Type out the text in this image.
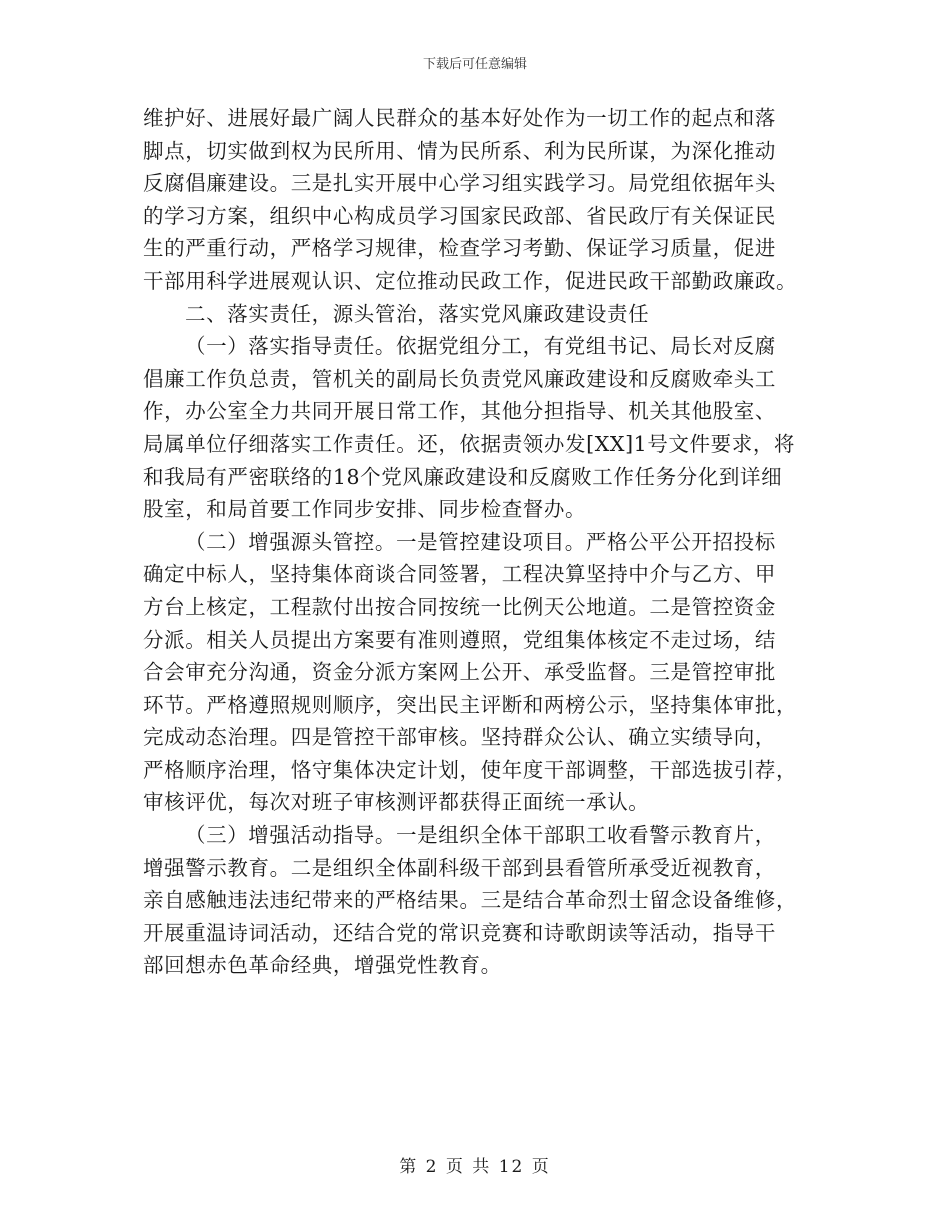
下载后可任意编辑
维护好、进展好最广阔人民群众的基本好处作为一切工作的起点和落
脚点，切实做到权为民所用、情为民所系、利为民所谋，为深化推动
反腐倡廉建设。三是扎实开展中心学习组实践学习。局党组依据年头
的学习方案，组织中心构成员学习国家民政部、省民政厅有关保证民
生的严重行动，严格学习规律，检查学习考勤、保证学习质量，促进
干部用科学进展观认识、定位推动民政工作，促进民政干部勤政廉政。
二、落实责任，源头管治，落实党风廉政建设责任
（一）落实指导责任。依据党组分工，有党组书记、局长对反腐
倡廉工作负总责，管机关的副局长负责党风廉政建设和反腐败牵头工
作，办公室全力共同开展日常工作，其他分担指导、机关其他股室、
局属单位仔细落实工作责任。还，依据责领办发[XX]1号文件要求，将
和我局有严密联络的18个党风廉政建设和反腐败工作任务分化到详细
股室，和局首要工作同步安排、同步检查督办。
（二）增强源头管控。一是管控建设项目。严格公平公开招投标
确定中标人，坚持集体商谈合同签署，工程决算坚持中介与乙方、甲
方台上核定，工程款付出按合同按统一比例天公地道。二是管控资金
分派。相关人员提出方案要有准则遵照，党组集体核定不走过场，结
合会审充分沟通，资金分派方案网上公开、承受监督。三是管控审批
环节。严格遵照规则顺序，突出民主评断和两榜公示，坚持集体审批，
完成动态治理。四是管控干部审核。坚持群众公认、确立实绩导向，
严格顺序治理，恪守集体决定计划，使年度干部调整，干部选拔引荐，
审核评优，每次对班子审核测评都获得正面统一承认。
（三）增强活动指导。一是组织全体干部职工收看警示教育片，
增强警示教育。二是组织全体副科级干部到县看管所承受近视教育，
亲自感触违法违纪带来的严格结果。三是结合革命烈士留念设备维修，
开展重温诗词活动，还结合党的常识竞赛和诗歌朗读等活动，指导干
部回想赤色革命经典，增强党性教育。
第 2 页 共 12 页
